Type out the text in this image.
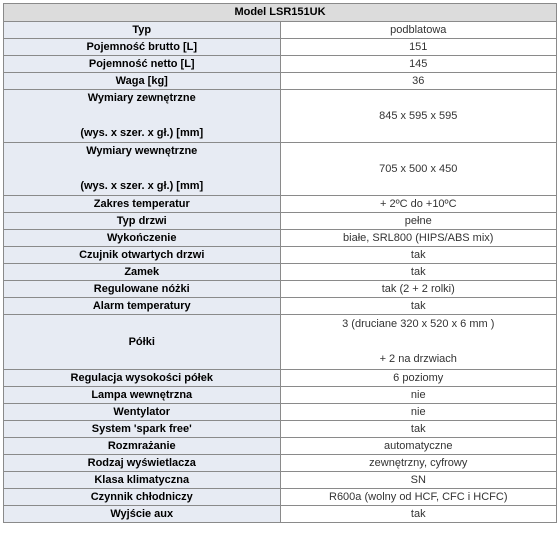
Model LSR151UK	
Typ	podblatowa
Pojemność brutto [L]	151
Pojemność netto [L]	145
Waga [kg]	36

Wymiary zewnętrzne
(wys. x szer. x gł.) [mm]	845 x 595 x 595

Wymiary wewnętrzne
(wys. x szer. x gł.) [mm]	705 x 500 x 450
Zakres temperatur	+ 2ºC do +10ºC
Typ drzwi	pełne
Wykończenie	białe, SRL800 (HIPS/ABS mix)
Czujnik otwartych drzwi	tak
Zamek	tak
Regulowane nóżki	tak (2 + 2 rolki)
Alarm temperatury	tak
Półki	3 (druciane 320 x 520 x 6 mm )
+ 2 na drzwiach

Regulacja wysokości półek	6 poziomy
Lampa wewnętrzna	nie
Wentylator	nie
System 'spark free'	tak
Rozmrażanie	automatyczne
Rodzaj wyświetlacza	zewnętrzny, cyfrowy
Klasa klimatyczna	SN
Czynnik chłodniczy	R600a (wolny od HCF, CFC i HCFC)
Wyjście aux	tak
